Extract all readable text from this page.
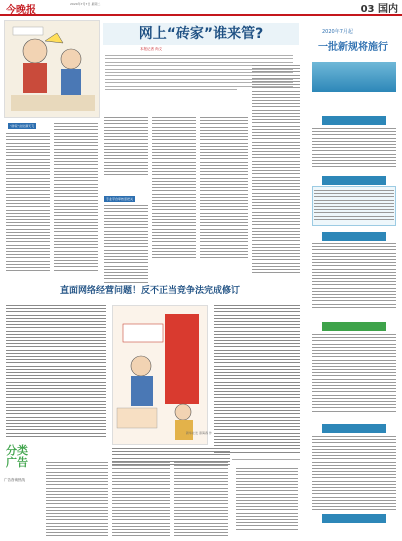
今晚报
2020年7月7日 星期二	03 国内
网上“砖家”谁来管?
本报记者 尚文
“砖家”言论满天飞
专业平台审核需把关
2020年7月起
一批新规将施行
直面网络经营问题！反不正当竞争法完成修订
新华社发 商海春 作
分类广告
广告咨询热线
